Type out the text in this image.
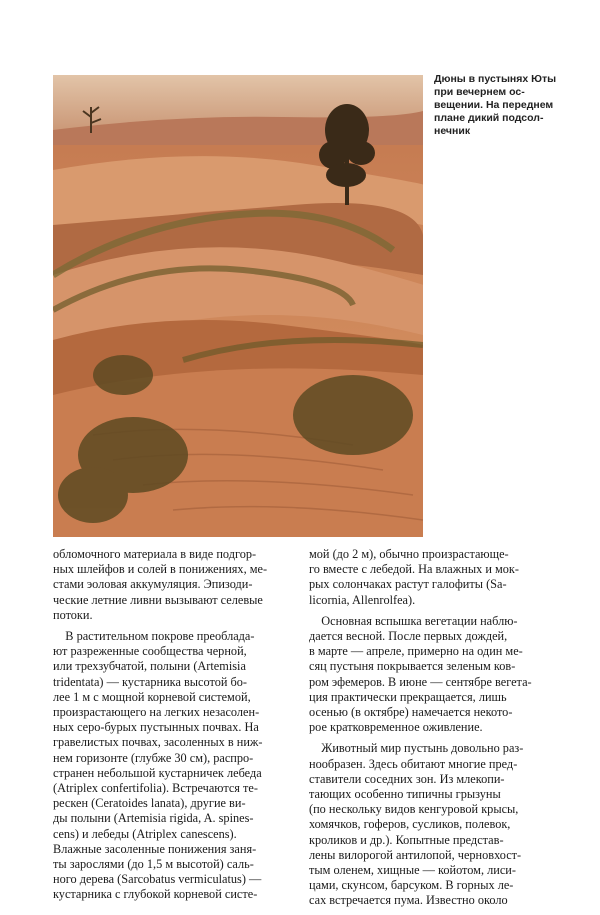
Дюны в пустынях Юты
при вечернем ос-
вещении. На переднем
плане дикий подсол-
нечник

обломочного материала в виде подгор-
ных шлейфов и солей в понижениях, ме-
стами эоловая аккумуляция. Эпизоди-
ческие летние ливни вызывают селевые
потоки.

В растительном покрове преоблада-
ют разреженные сообщества черной,
или трехзубчатой, полыни (Artemisia
tridentata) — кустарника высотой бо-
лее 1 м с мощной корневой системой,
произрастающего на легких незасолен-
ных серо-бурых пустынных почвах. На
гравелистых почвах, засоленных в ниж-
нем горизонте (глубже 30 см), распро-
странен небольшой кустарничек лебеда
(Atriplex confertifolia). Встречаются те-
рескен (Ceratoides lanata), другие ви-
ды полыни (Artemisia rigida, A. spines-
cens) и лебеды (Atriplex canescens).
Влажные засоленные понижения заня-
ты зарослями (до 1,5 м высотой) саль-
ного дерева (Sarcobatus vermiculatus) —
кустарника с глубокой корневой систе-

мой (до 2 м), обычно произрастающе-
го вместе с лебедой. На влажных и мок-
рых солончаках растут галофиты (Sa-
licornia, Allenrolfea).

Основная вспышка вегетации наблю-
дается весной. После первых дождей,
в марте — апреле, примерно на один ме-
сяц пустыня покрывается зеленым ков-
ром эфемеров. В июне — сентябре вегета-
ция практически прекращается, лишь
осенью (в октябре) намечается некото-
рое кратковременное оживление.

Животный мир пустынь довольно раз-
нообразен. Здесь обитают многие пред-
ставители соседних зон. Из млекопи-
тающих особенно типичны грызуны
(по нескольку видов кенгуровой крысы,
хомячков, гоферов, сусликов, полевок,
кроликов и др.). Копытные представ-
лены вилорогой антилопой, черновхост-
тым оленем, хищные — койотом, лиси-
цами, скунсом, барсуком. В горных ле-
сах встречается пума. Известно около
